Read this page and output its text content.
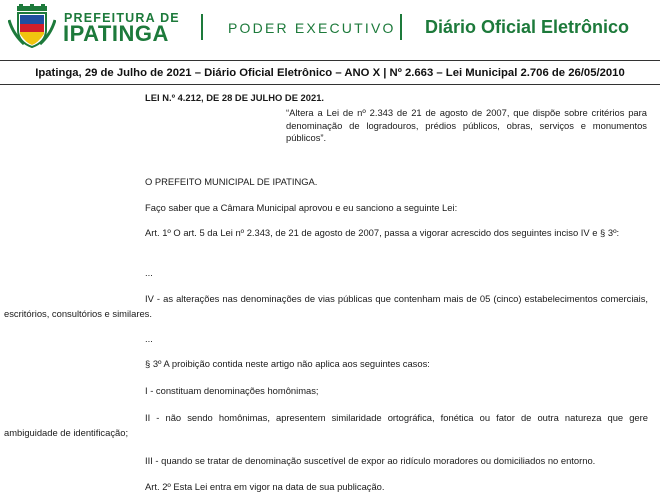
PREFEITURA DE
IPATINGA	PODER EXECUTIVO Diário Oficial Eletrônico
Ipatinga, 29 de Julho de 2021 – Diário Oficial Eletrônico – ANO X | Nº 2.663 – Lei Municipal 2.706 de 26/05/2010
LEI N.º 4.212, DE 28 DE JULHO DE 2021.
“Altera a Lei de nº 2.343 de 21 de agosto de 2007, que dispõe sobre critérios para denominação de logradouros, prédios públicos, obras, serviços e monumentos públicos”.
O PREFEITO MUNICIPAL DE IPATINGA.
Faço saber que a Câmara Municipal aprovou e eu sanciono a seguinte Lei:
Art. 1º O art. 5 da Lei nº 2.343, de 21 de agosto de 2007, passa a vigorar acrescido dos seguintes inciso IV e § 3º:
...
IV - as alterações nas denominações de vias públicas que contenham mais de 05 (cinco) estabelecimentos comerciais, escritórios, consultórios e similares.
...
§ 3º A proibição contida neste artigo não aplica aos seguintes casos:
I - constituam denominações homônimas;
II - não sendo homônimas, apresentem similaridade ortográfica, fonética ou fator de outra natureza que gere ambiguidade de identificação;
III - quando se tratar de denominação suscetível de expor ao ridículo moradores ou domiciliados no entorno.
Art. 2º Esta Lei entra em vigor na data de sua publicação.
